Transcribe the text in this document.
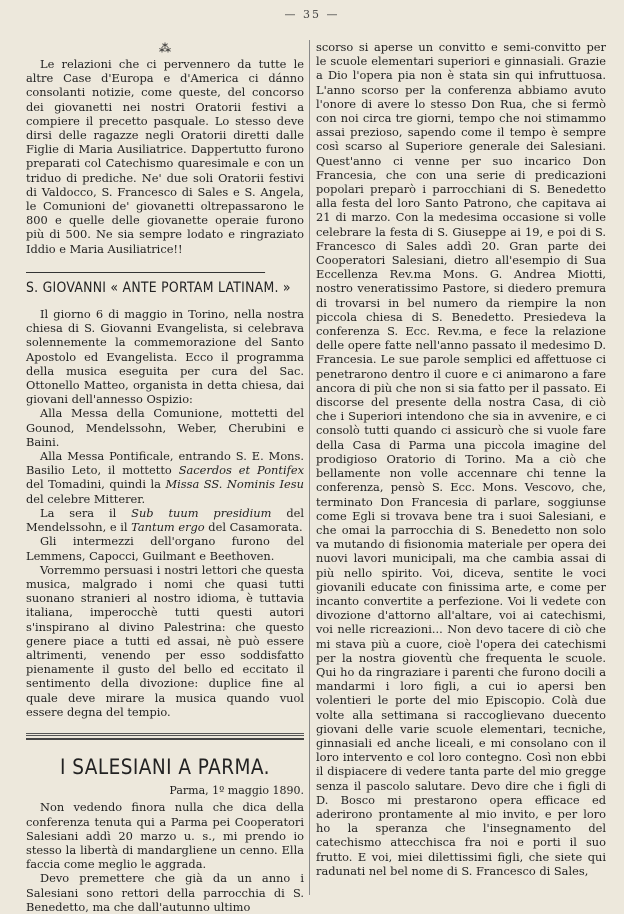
— 35 —
⁂

Le relazioni che ci pervennero da tutte le altre Case d'Europa e d'America ci dánno consolanti notizie, come queste, del concorso dei giovanetti nei nostri Oratorii festivi a compiere il precetto pasquale. Lo stesso deve dirsi delle ragazze negli Oratorii diretti dalle Figlie di Maria Ausiliatrice. Dappertutto furono preparati col Catechismo quaresimale e con un triduo di prediche. Ne' due soli Oratorii festivi di Valdocco, S. Francesco di Sales e S. Angela, le Comunioni de' giovanetti oltrepassarono le 800 e quelle delle giovanette operaie furono più di 500. Ne sia sempre lodato e ringraziato Iddio e Maria Ausiliatrice!!

S. GIOVANNI « ANTE PORTAM LATINAM. »

Il giorno 6 di maggio in Torino, nella nostra chiesa di S. Giovanni Evangelista, si celebrava solennemente la commemorazione del Santo Apostolo ed Evangelista. Ecco il programma della musica eseguita per cura del Sac. Ottonello Matteo, organista in detta chiesa, dai giovani dell'annesso Ospizio:

Alla Messa della Comunione, mottetti del Gounod, Mendelssohn, Weber, Cherubini e Baini.

Alla Messa Pontificale, entrando S. E. Mons. Basilio Leto, il mottetto Sacerdos et Pontifex del Tomadini, quindi la Missa SS. Nominis Iesu del celebre Mitterer.

La sera il Sub tuum presidium del Mendelssohn, e il Tantum ergo del Casamorata.

Gli intermezzi dell'organo furono del Lemmens, Capocci, Guilmant e Beethoven.

Vorremmo persuasi i nostri lettori che questa musica, malgrado i nomi che quasi tutti suonano stranieri al nostro idioma, è tuttavia italiana, imperocchè tutti questi autori s'inspirano al divino Palestrina: che questo genere piace a tutti ed assai, nè può essere altrimenti, venendo per esso soddisfatto pienamente il gusto del bello ed eccitato il sentimento della divozione: duplice fine al quale deve mirare la musica quando vuol essere degna del tempio.

I SALESIANI A PARMA.
Parma, 1º maggio 1890.

Non vedendo finora nulla che dica della conferenza tenuta qui a Parma pei Cooperatori Salesiani addì 20 marzo u. s., mi prendo io stesso la libertà di mandargliene un cenno. Ella faccia come meglio le aggrada.

Devo premettere che già da un anno i Salesiani sono rettori della parrocchia di S. Benedetto, ma che dall'autunno ultimo

scorso si aperse un convitto e semi-convitto per le scuole elementari superiori e ginnasiali. Grazie a Dio l'opera pia non è stata sin qui infruttuosa. L'anno scorso per la conferenza abbiamo avuto l'onore di avere lo stesso Don Rua, che si fermò con noi circa tre giorni, tempo che noi stimammo assai prezioso, sapendo come il tempo è sempre così scarso al Superiore generale dei Salesiani. Quest'anno ci venne per suo incarico Don Francesia, che con una serie di predicazioni popolari preparò i parrocchiani di S. Benedetto alla festa del loro Santo Patrono, che capitava ai 21 di marzo. Con la medesima occasione si volle celebrare la festa di S. Giuseppe ai 19, e poi di S. Francesco di Sales addì 20. Gran parte dei Cooperatori Salesiani, dietro all'esempio di Sua Eccellenza Rev.ma Mons. G. Andrea Miotti, nostro veneratissimo Pastore, si diedero premura di trovarsi in bel numero da riempire la non piccola chiesa di S. Benedetto. Presiedeva la conferenza S. Ecc. Rev.ma, e fece la relazione delle opere fatte nell'anno passato il medesimo D. Francesia. Le sue parole semplici ed affettuose ci penetrarono dentro il cuore e ci animarono a fare ancora di più che non si sia fatto per il passato. Ei discorse del presente della nostra Casa, di ciò che i Superiori intendono che sia in avvenire, e ci consolò tutti quando ci assicurò che si vuole fare della Casa di Parma una piccola imagine del prodigioso Oratorio di Torino. Ma a ciò che bellamente non volle accennare chi tenne la conferenza, pensò S. Ecc. Mons. Vescovo, che, terminato Don Francesia di parlare, soggiunse come Egli si trovava bene tra i suoi Salesiani, e che omai la parrocchia di S. Benedetto non solo va mutando di fisionomia materiale per opera dei nuovi lavori municipali, ma che cambia assai di più nello spirito. Voi, diceva, sentite le voci giovanili educate con finissima arte, e come per incanto convertite a perfezione. Voi li vedete con divozione d'attorno all'altare, voi ai catechismi, voi nelle ricreazioni... Non devo tacere di ciò che mi stava più a cuore, cioè l'opera dei catechismi per la nostra gioventù che frequenta le scuole. Qui ho da ringraziare i parenti che furono docili a mandarmi i loro figli, a cui io apersi ben volentieri le porte del mio Episcopio. Colà due volte alla settimana si raccoglievano duecento giovani delle varie scuole elementari, tecniche, ginnasiali ed anche liceali, e mi consolano con il loro intervento e col loro contegno. Così non ebbi il dispiacere di vedere tanta parte del mio gregge senza il pascolo salutare. Devo dire che i figli di D. Bosco mi prestarono opera efficace ed aderirono prontamente al mio invito, e per loro ho la speranza che l'insegnamento del catechismo attecchisca fra noi e porti il suo frutto. E voi, miei dilettissimi figli, che siete qui radunati nel bel nome di S. Francesco di Sales,
